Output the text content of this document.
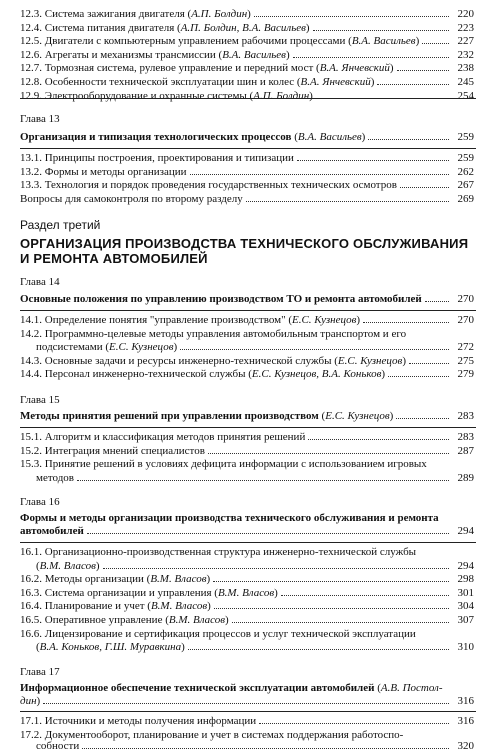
12.3. Система зажигания двигателя (А.П. Болдин)	220
12.4. Система питания двигателя (А.П. Болдин, В.А. Васильев)	223
12.5. Двигатели с компьютерным управлением рабочими процессами (В.А. Васильев)	227
12.6. Агрегаты и механизмы трансмиссии (В.А. Васильев)	232
12.7. Тормозная система, рулевое управление и передний мост (В.А. Янчевский)	238
12.8. Особенности технической эксплуатации шин и колес (В.А. Янчевский)	245
12.9. Электрооборудование и охранные системы (А.П. Болдин)	254
Глава 13
Организация и типизация технологических процессов (В.А. Васильев)	259
13.1. Принципы построения, проектирования и типизации	259
13.2. Формы и методы организации	262
13.3. Технология и порядок проведения государственных технических осмотров	267
Вопросы для самоконтроля по второму разделу	269
Раздел третий
ОРГАНИЗАЦИЯ ПРОИЗВОДСТВА ТЕХНИЧЕСКОГО ОБСЛУЖИВАНИЯ
И РЕМОНТА АВТОМОБИЛЕЙ
Глава 14
Основные положения по управлению производством ТО и ремонта автомобилей	270
14.1. Определение понятия "управление производством" (Е.С. Кузнецов)	270
14.2. Программно-целевые методы управления автомобильным транспортом и его
подсистемами (Е.С. Кузнецов)	272
14.3. Основные задачи и ресурсы инженерно-технической службы (Е.С. Кузнецов)	275
14.4. Персонал инженерно-технической службы (Е.С. Кузнецов, В.А. Коньков)	279
Глава 15
Методы принятия решений при управлении производством (Е.С. Кузнецов)	283
15.1. Алгоритм и классификация методов принятия решений	283
15.2. Интеграция мнений специалистов	287
15.3. Принятие решений в условиях дефицита информации с использованием игровых
методов	289
Глава 16
Формы и методы организации производства технического обслуживания и ремонта
автомобилей	294
16.1. Организационно-производственная структура инженерно-технической службы
(В.М. Власов)	294
16.2. Методы организации (В.М. Власов)	298
16.3. Система организации и управления (В.М. Власов)	301
16.4. Планирование и учет (В.М. Власов)	304
16.5. Оперативное управление (В.М. Власов)	307
16.6. Лицензирование и сертификация процессов и услуг технической эксплуатации
(В.А. Коньков, Г.Ш. Муравкина)	310
Глава 17
Информационное обеспечение технической эксплуатации автомобилей (А.В. Постол-
дин)	316
17.1. Источники и методы получения информации	316
17.2. Документооборот, планирование и учет в системах поддержания работоспо-
собности	320
